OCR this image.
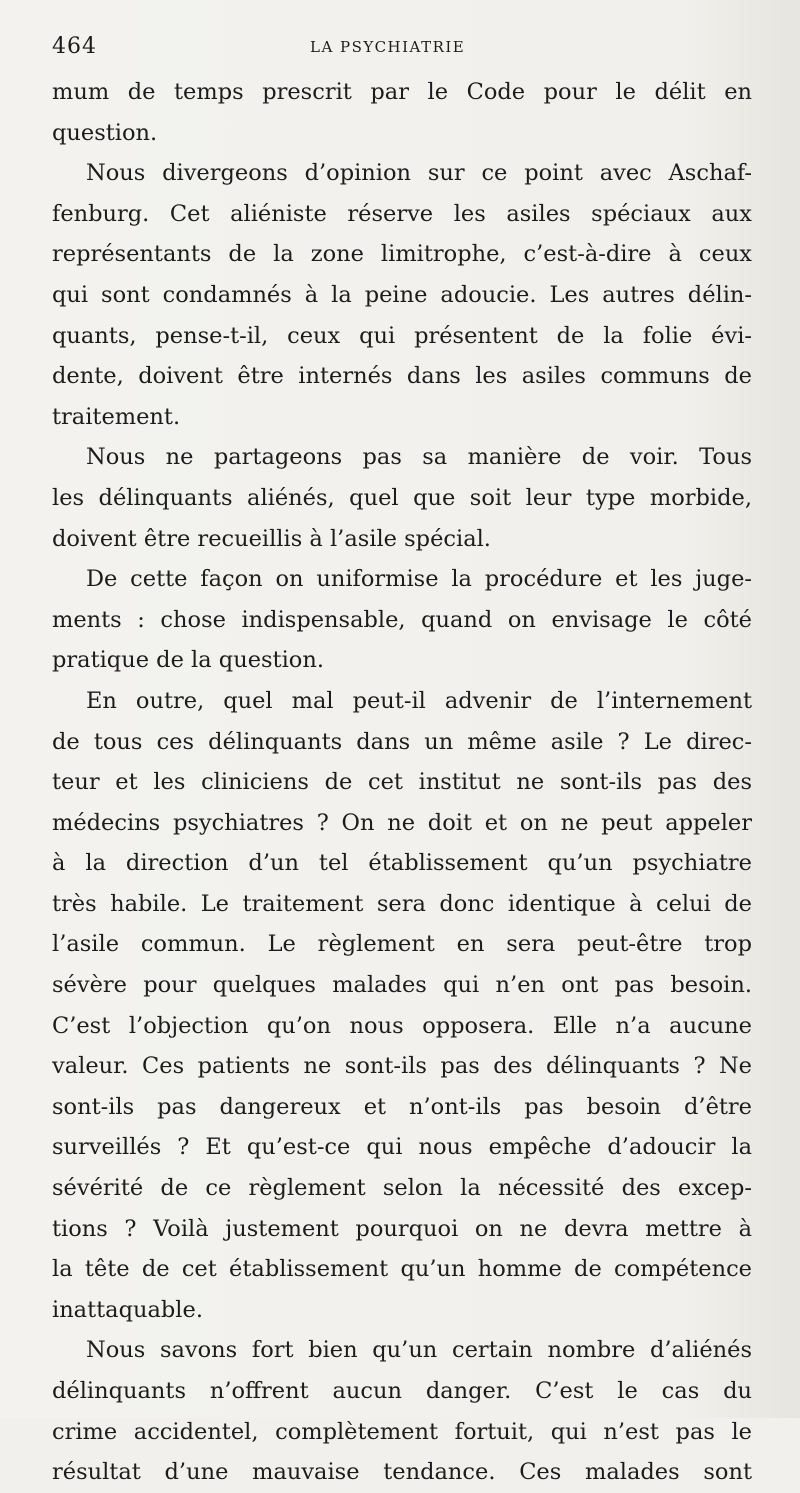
464	LA PSYCHIATRIE
mum de temps prescrit par le Code pour le délit en
question.
Nous divergeons d’opinion sur ce point avec Aschaf-
fenburg. Cet aliéniste réserve les asiles spéciaux aux
représentants de la zone limitrophe, c’est-à-dire à ceux
qui sont condamnés à la peine adoucie. Les autres délin-
quants, pense-t-il, ceux qui présentent de la folie évi-
dente, doivent être internés dans les asiles communs de
traitement.
Nous ne partageons pas sa manière de voir. Tous
les délinquants aliénés, quel que soit leur type morbide,
doivent être recueillis à l’asile spécial.
De cette façon on uniformise la procédure et les juge-
ments : chose indispensable, quand on envisage le côté
pratique de la question.
En outre, quel mal peut-il advenir de l’internement
de tous ces délinquants dans un même asile ? Le direc-
teur et les cliniciens de cet institut ne sont-ils pas des
médecins psychiatres ? On ne doit et on ne peut appeler
à la direction d’un tel établissement qu’un psychiatre
très habile. Le traitement sera donc identique à celui de
l’asile commun. Le règlement en sera peut-être trop
sévère pour quelques malades qui n’en ont pas besoin.
C’est l’objection qu’on nous opposera. Elle n’a aucune
valeur. Ces patients ne sont-ils pas des délinquants ? Ne
sont-ils pas dangereux et n’ont-ils pas besoin d’être
surveillés ? Et qu’est-ce qui nous empêche d’adoucir la
sévérité de ce règlement selon la nécessité des excep-
tions ? Voilà justement pourquoi on ne devra mettre à
la tête de cet établissement qu’un homme de compétence
inattaquable.
Nous savons fort bien qu’un certain nombre d’aliénés
délinquants n’offrent aucun danger. C’est le cas du
crime accidentel, complètement fortuit, qui n’est pas le
résultat d’une mauvaise tendance. Ces malades sont
